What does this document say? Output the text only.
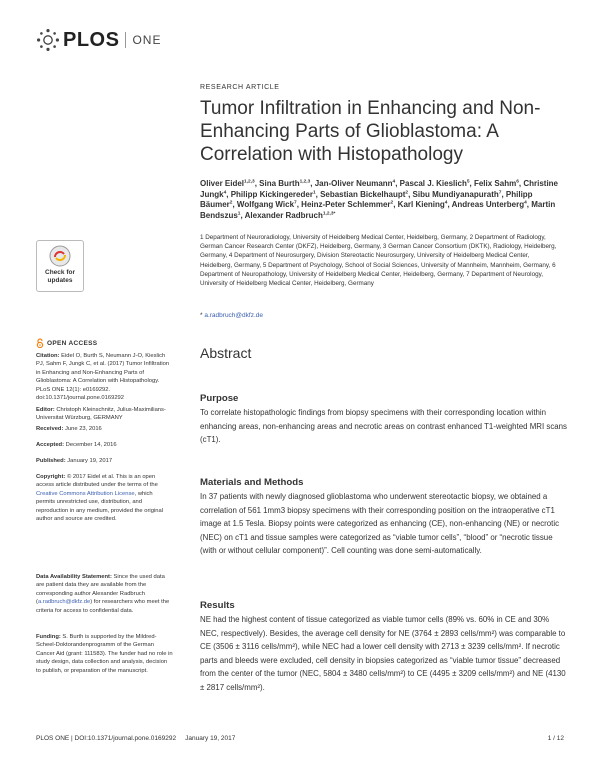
PLOS ONE
RESEARCH ARTICLE
Tumor Infiltration in Enhancing and Non-Enhancing Parts of Glioblastoma: A Correlation with Histopathology
Oliver Eidel$^{1,2,3}$, Sina Burth$^{1,2,3}$, Jan-Oliver Neumann$^4$, Pascal J. Kieslich$^5$, Felix Sahm$^6$, Christine Jungk$^4$, Philipp Kickingereder$^1$, Sebastian Bickelhaupt$^2$, Sibu Mundiyanapurath$^7$, Philipp Bäumer$^2$, Wolfgang Wick$^7$, Heinz-Peter Schlemmer$^2$, Karl Kiening$^4$, Andreas Unterberg$^4$, Martin Bendszus$^1$, Alexander Radbruch$^{1,2,3*}$
1 Department of Neuroradiology, University of Heidelberg Medical Center, Heidelberg, Germany, 2 Department of Radiology, German Cancer Research Center (DKFZ), Heidelberg, Germany, 3 German Cancer Consortium (DKTK), Radiology, Heidelberg, Germany, 4 Department of Neurosurgery, Division Stereotactic Neurosurgery, University of Heidelberg Medical Center, Heidelberg, Germany, 5 Department of Psychology, School of Social Sciences, University of Mannheim, Mannheim, Germany, 6 Department of Neuropathology, University of Heidelberg Medical Center, Heidelberg, Germany, 7 Department of Neurology, University of Heidelberg Medical Center, Heidelberg, Germany
* a.radbruch@dkfz.de
Check for
updates
OPEN ACCESS
Citation: Eidel O, Burth S, Neumann J-O, Kieslich PJ, Sahm F, Jungk C, et al. (2017) Tumor Infiltration in Enhancing and Non-Enhancing Parts of Glioblastoma: A Correlation with Histopathology. PLoS ONE 12(1): e0169292. doi:10.1371/journal.pone.0169292
Editor: Christoph Kleinschnitz, Julius-Maximilians-Universitat Würzburg, GERMANY
Received: June 23, 2016
Accepted: December 14, 2016
Published: January 19, 2017
Copyright: © 2017 Eidel et al. This is an open access article distributed under the terms of the Creative Commons Attribution License, which permits unrestricted use, distribution, and reproduction in any medium, provided the original author and source are credited.
Data Availability Statement: Since the used data are patient data they are available from the corresponding author Alexander Radbruch (a.radbruch@dkfz.de) for researchers who meet the criteria for access to confidential data.
Funding: S. Burth is supported by the Mildred-Scheel-Doktorandenprogramm of the German Cancer Aid (grant: 111583). The funder had no role in study design, data collection and analysis, decision to publish, or preparation of the manuscript.
Abstract
Purpose
To correlate histopathologic findings from biopsy specimens with their corresponding location within enhancing areas, non-enhancing areas and necrotic areas on contrast enhanced T1-weighted MRI scans (cT1).
Materials and Methods
In 37 patients with newly diagnosed glioblastoma who underwent stereotactic biopsy, we obtained a correlation of 561 1mm3 biopsy specimens with their corresponding position on the intraoperative cT1 image at 1.5 Tesla. Biopsy points were categorized as enhancing (CE), non-enhancing (NE) or necrotic (NEC) on cT1 and tissue samples were categorized as “viable tumor cells”, “blood” or “necrotic tissue (with or without cellular component)”. Cell counting was done semi-automatically.
Results
NE had the highest content of tissue categorized as viable tumor cells (89% vs. 60% in CE and 30% NEC, respectively). Besides, the average cell density for NE (3764 ± 2893 cells/mm²) was comparable to CE (3506 ± 3116 cells/mm²), while NEC had a lower cell density with 2713 ± 3239 cells/mm². If necrotic parts and bleeds were excluded, cell density in biopsies categorized as “viable tumor tissue” decreased from the center of the tumor (NEC, 5804 ± 3480 cells/mm²) to CE (4495 ± 3209 cells/mm²) and NE (4130 ± 2817 cells/mm²).
PLOS ONE | DOI:10.1371/journal.pone.0169292 January 19, 2017	1 / 12
